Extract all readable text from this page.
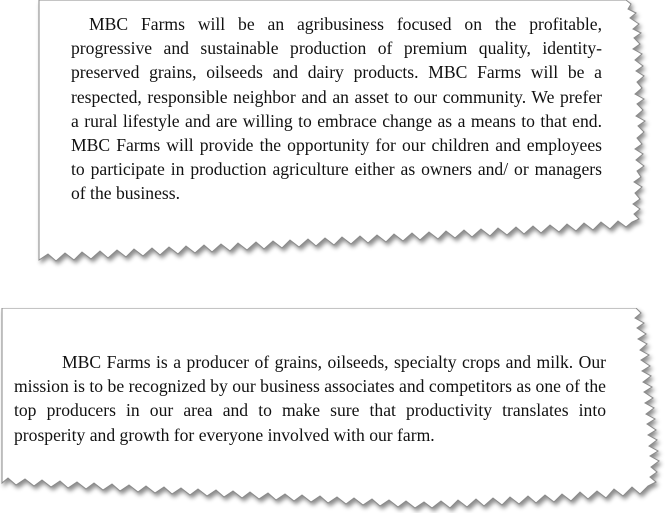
MBC Farms will be an agribusiness focused on the profitable, progressive and sustainable production of premium quality, identity- preserved grains, oilseeds and dairy products. MBC Farms will be a respected, responsible neighbor and an asset to our community. We prefer a rural lifestyle and are willing to embrace change as a means to that end. MBC Farms will provide the opportunity for our children and employees to participate in production agriculture either as owners and/ or managers of the business.

MBC Farms is a producer of grains, oilseeds, specialty crops and milk. Our mission is to be recognized by our business associates and competitors as one of the top producers in our area and to make sure that productivity translates into prosperity and growth for everyone involved with our farm.
